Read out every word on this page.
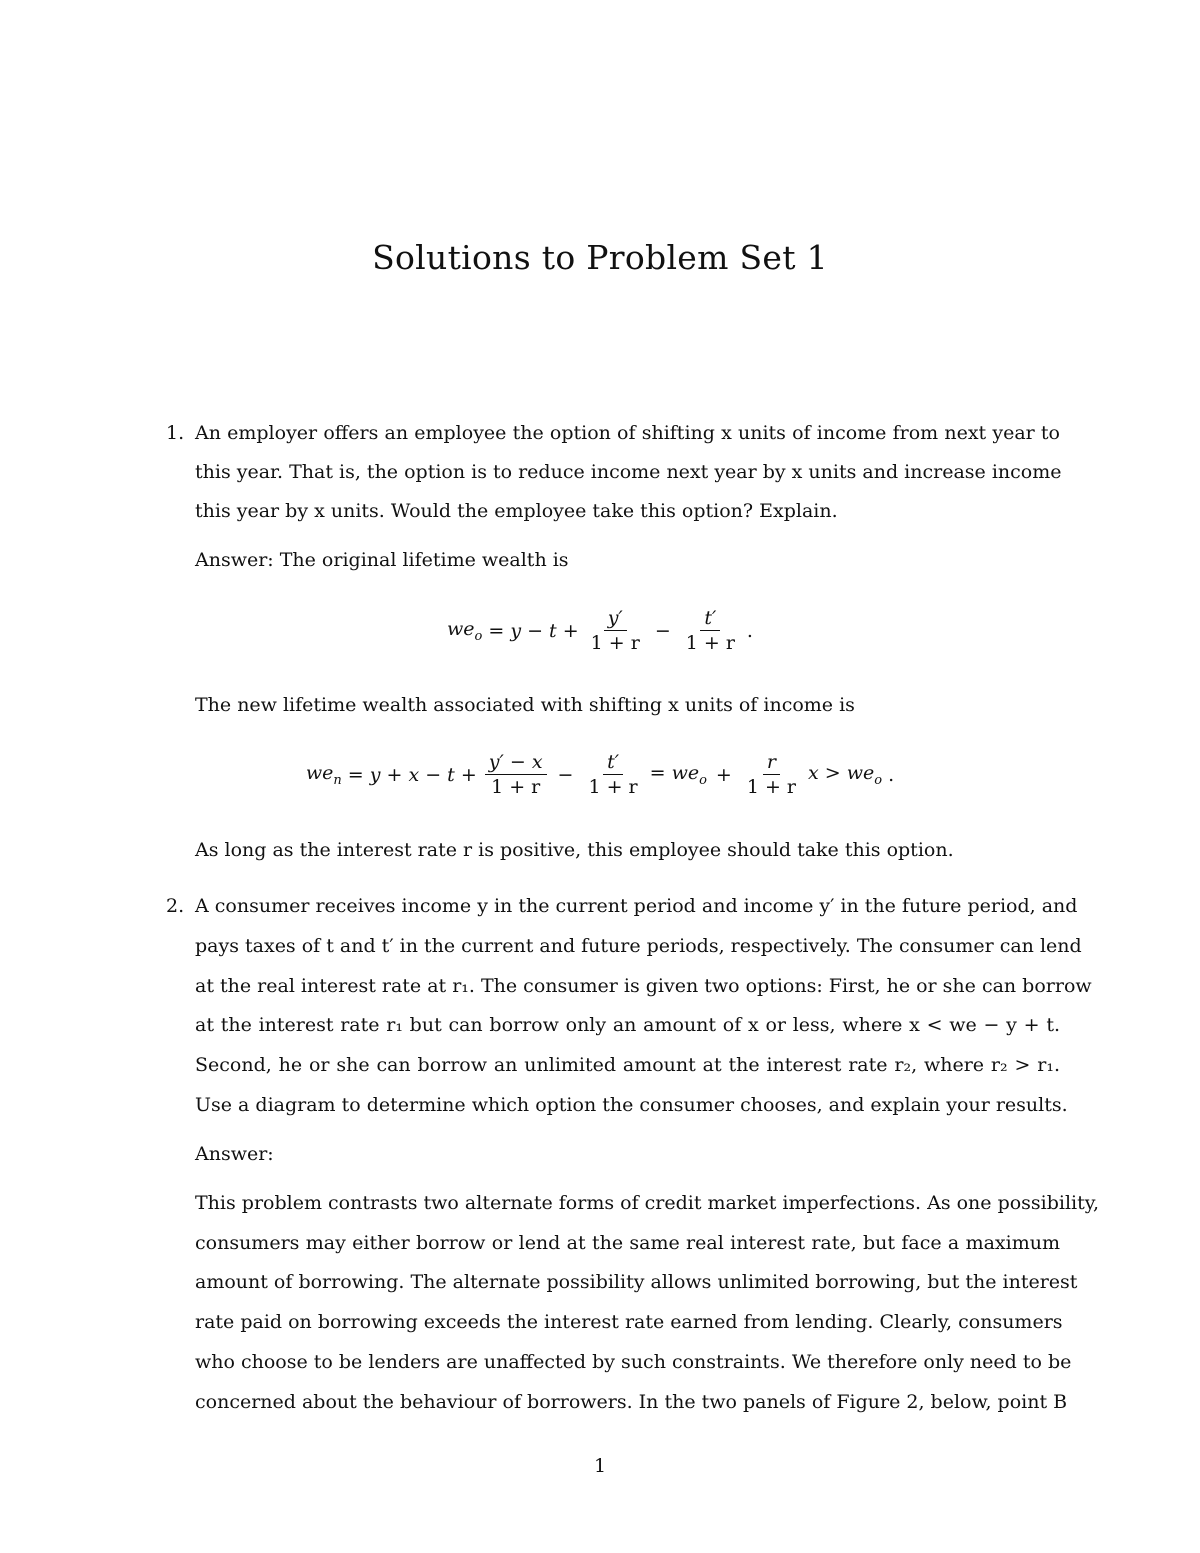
Solutions to Problem Set 1
1. An employer offers an employee the option of shifting x units of income from next year to
this year. That is, the option is to reduce income next year by x units and increase income
this year by x units. Would the employee take this option? Explain.
Answer: The original lifetime wealth is
$we_o = y - t + \frac{y'}{1 + r} - \frac{t'}{1 + r}$ .
The new lifetime wealth associated with shifting x units of income is
$we_n = y + x - t + \frac{y' - x}{1 + r} - \frac{t'}{1 + r} = we_o + \frac{r}{1 + r}$ $x > we_o$ .
As long as the interest rate r is positive, this employee should take this option.
2. A consumer receives income y in the current period and income y′ in the future period, and
pays taxes of t and t′ in the current and future periods, respectively. The consumer can lend
at the real interest rate at r₁. The consumer is given two options: First, he or she can borrow
at the interest rate r₁ but can borrow only an amount of x or less, where x < we − y + t.
Second, he or she can borrow an unlimited amount at the interest rate r₂, where r₂ > r₁.
Use a diagram to determine which option the consumer chooses, and explain your results.
Answer:
This problem contrasts two alternate forms of credit market imperfections. As one possibility,
consumers may either borrow or lend at the same real interest rate, but face a maximum
amount of borrowing. The alternate possibility allows unlimited borrowing, but the interest
rate paid on borrowing exceeds the interest rate earned from lending. Clearly, consumers
who choose to be lenders are unaffected by such constraints. We therefore only need to be
concerned about the behaviour of borrowers. In the two panels of Figure 2, below, point B
1
